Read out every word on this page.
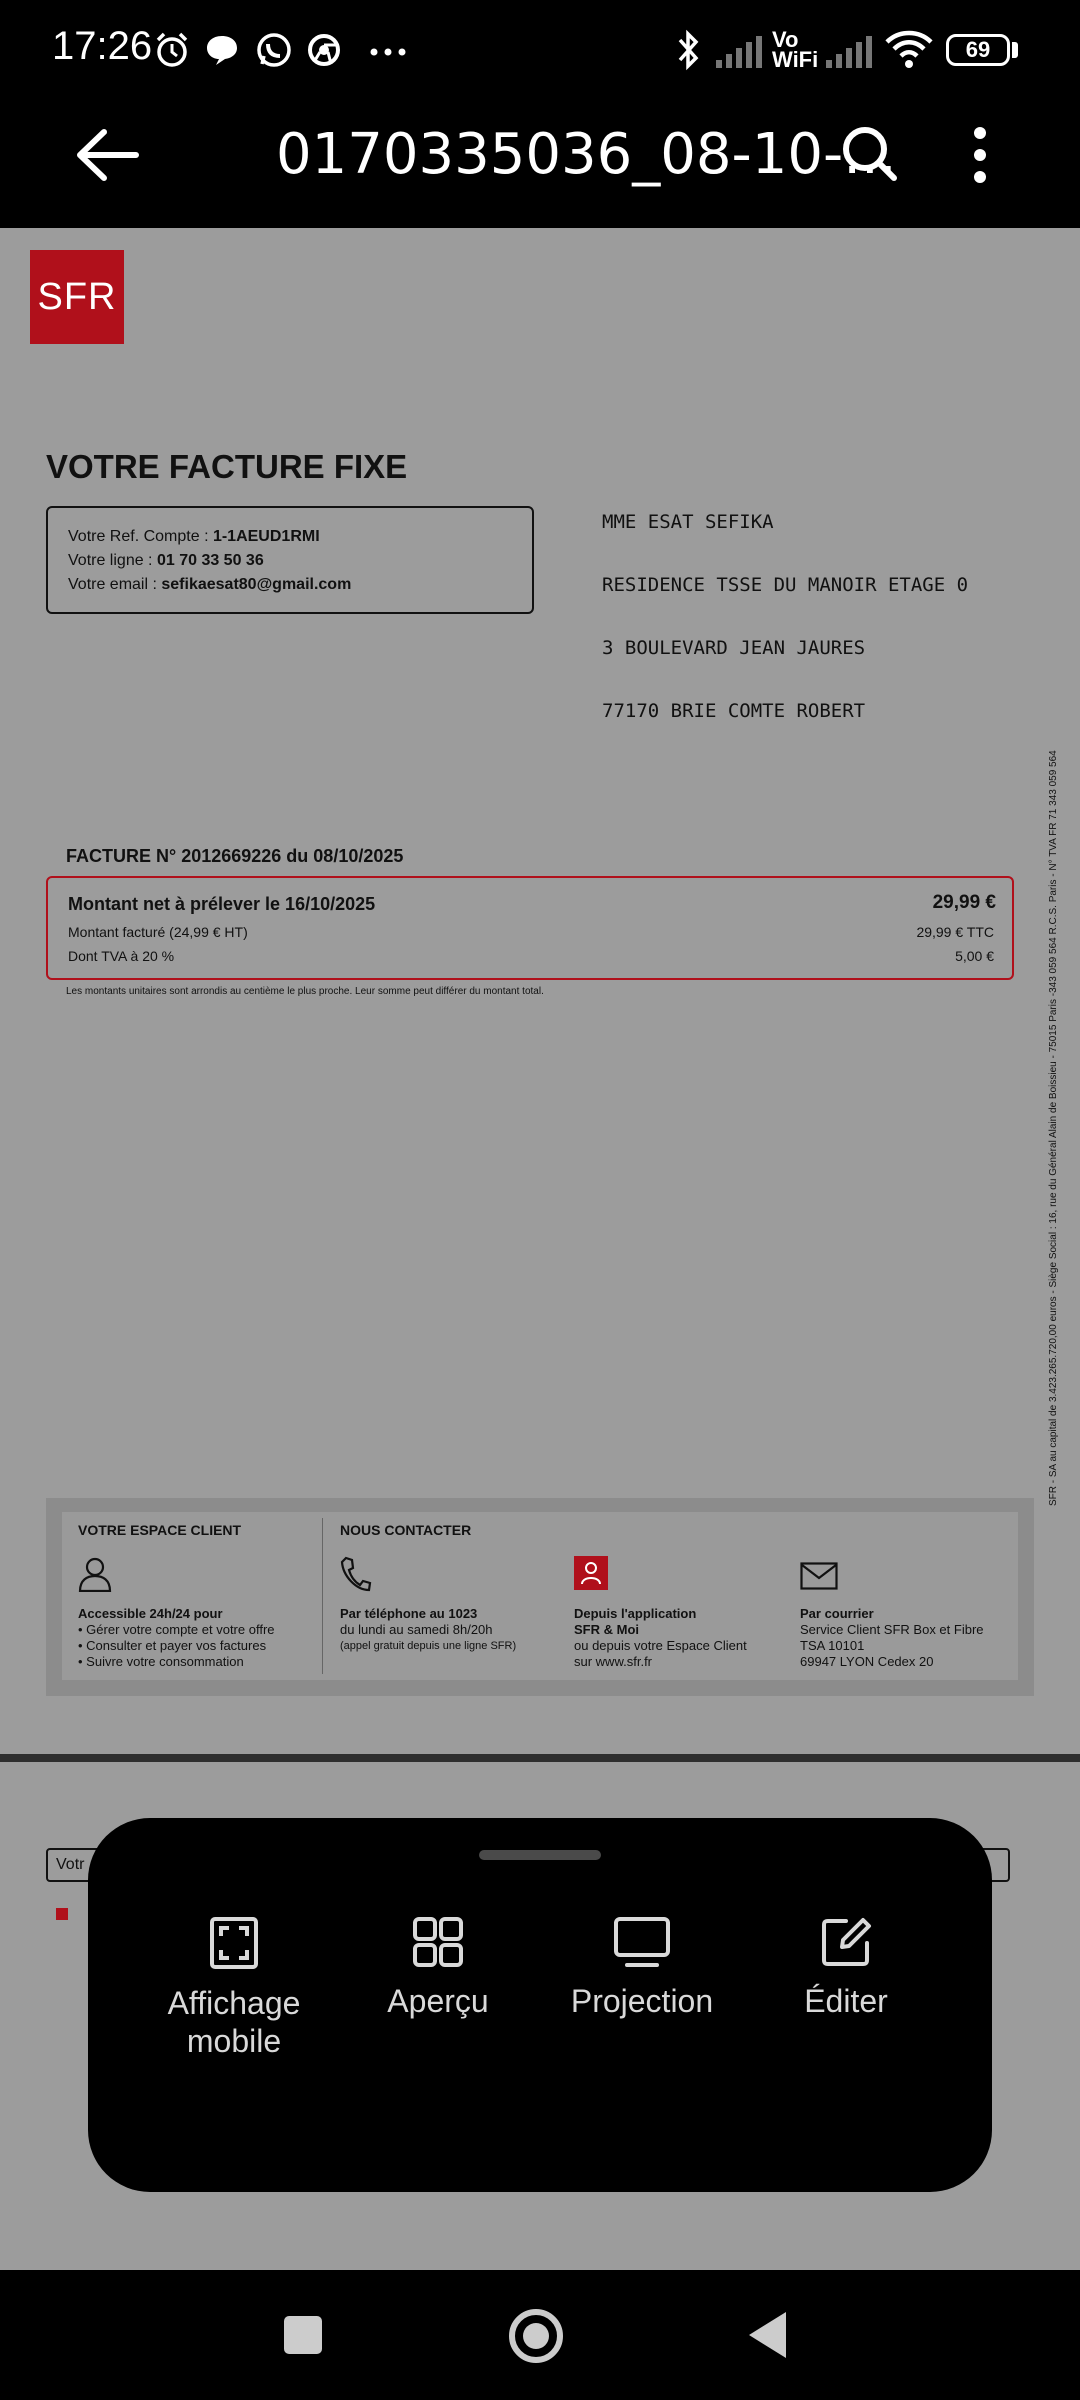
17:26	Vo
WiFi	69
0170335036_08-10-...
SFR
VOTRE FACTURE FIXE
Votre Ref. Compte : 1-1AEUD1RMI
Votre ligne : 01 70 33 50 36
Votre email : sefikaesat80@gmail.com

MME ESAT SEFIKA

RESIDENCE TSSE DU MANOIR ETAGE 0

3 BOULEVARD JEAN JAURES

77170 BRIE COMTE ROBERT

FACTURE N° 2012669226 du 08/10/2025
Montant net à prélever le 16/10/2025	29,99 €
Montant facturé (24,99 € HT)	29,99 € TTC
Dont TVA à 20 %	5,00 €
Les montants unitaires sont arrondis au centième le plus proche. Leur somme peut différer du montant total.	SFR - SA au capital de 3.423.265.720,00 euros - Siège Social : 16, rue du Général Alain de Boissieu - 75015 Paris -343 059 564 R.C.S. Paris - N° TVA FR 71 343 059 564
VOTRE ESPACE CLIENT
Accessible 24h/24 pour
• Gérer votre compte et votre offre
• Consulter et payer vos factures
• Suivre votre consommation
NOUS CONTACTER
Par téléphone au 1023
du lundi au samedi 8h/20h
(appel gratuit depuis une ligne SFR)
Depuis l'application
SFR & Moi
ou depuis votre Espace Client
sur www.sfr.fr
Par courrier
Service Client SFR Box et Fibre
TSA 10101
69947 LYON Cedex 20
Votr
Affichage mobile
Aperçu	Projection	Éditer
